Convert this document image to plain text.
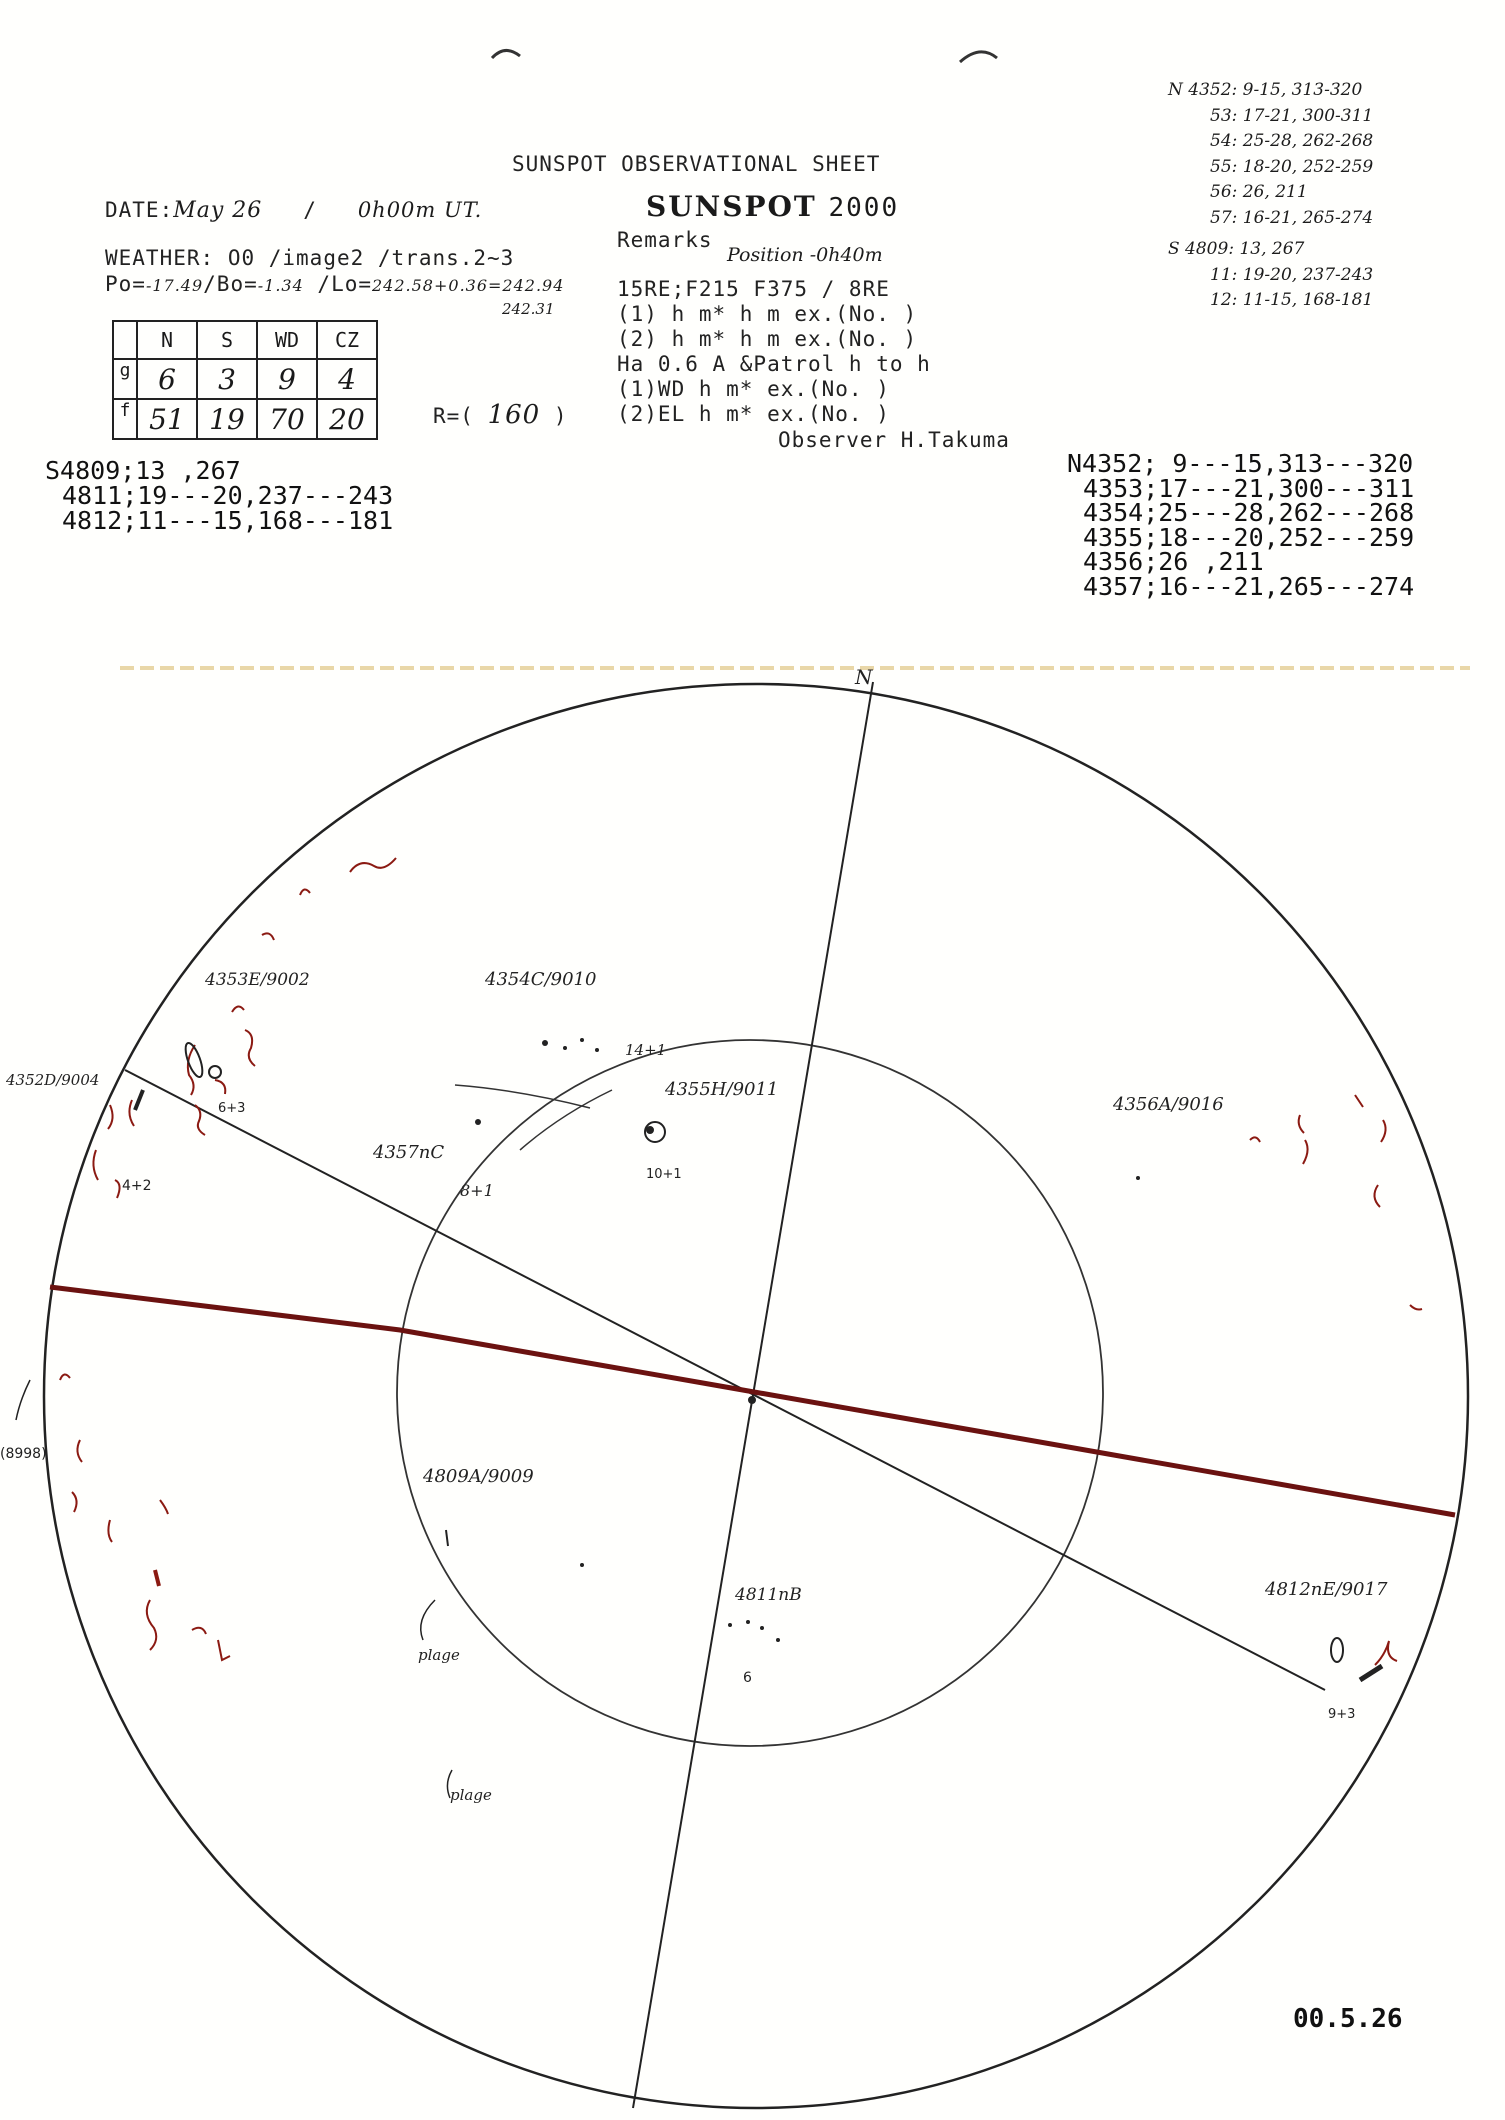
SUNSPOT OBSERVATIONAL SHEET
DATE:May 26 / 0h00m UT.
WEATHER: O0 /image2 /trans.2~3
Po=-17.49/Bo=-1.34 /Lo=242.58+0.36=242.94
242.31
SUNSPOT 2000
Remarks
Position -0h40m
15RE;F215 F375 / 8RE
(1) h m* h m ex.(No. )
(2) h m* h m ex.(No. )
Ha 0.6 A &Patrol h to h
(1)WD h m* ex.(No. )
(2)EL h m* ex.(No. )
Observer H.Takuma
	N	S	WD	CZ
g	6	3	9	4
f	51	19	70	20	R=( 160 )
S4809;13 ,267
4811;19---20,237---243
4812;11---15,168---181
N4352; 9---15,313---320
4353;17---21,300---311
4354;25---28,262---268
4355;18---20,252---259
4356;26 ,211
4357;16---21,265---274
N 4352: 9-15, 313-320
53: 17-21, 300-311
54: 25-28, 262-268
55: 18-20, 252-259
56: 26, 211
57: 16-21, 265-274
S 4809: 13, 267
11: 19-20, 237-243
12: 11-15, 168-181
N
4352D/9004
4+2
4353E/9002
6+3
4354C/9010
14+1
4355H/9011
10+1
4356A/9016
4357nC
8+1
4809A/9009
4811nB
6
4812nE/9017
9+3
(8998)
plage
plage
00.5.26
